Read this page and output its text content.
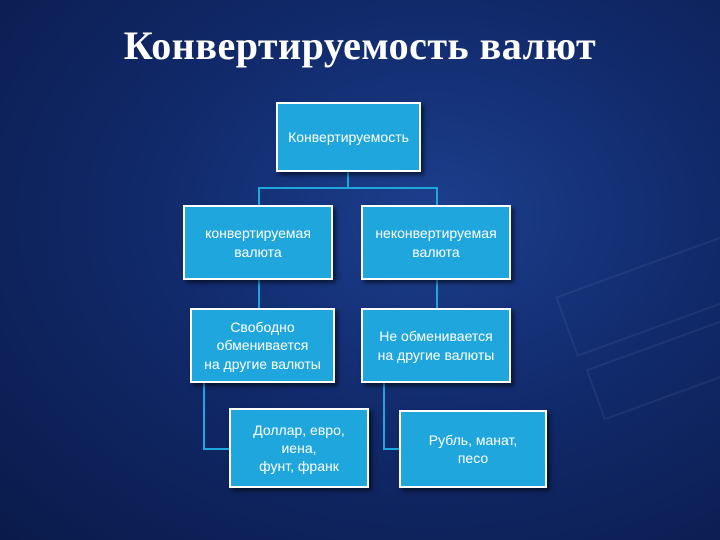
Конвертируемость валют
Конвертируемость
конвертируемая
валюта
неконвертируемая
валюта
Свободно
обменивается
на другие валюты
Не обменивается
на другие валюты
Доллар, евро,
иена,
фунт, франк
Рубль, манат,
песо
